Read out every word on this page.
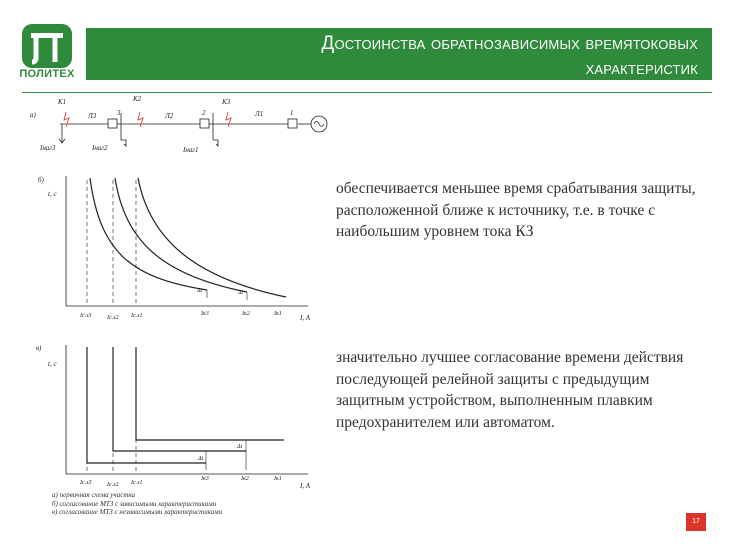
ПОЛИТЕХ
Достоинства обратнозависимых времятоковых
характеристик
а)
K1	K2	K3
Л3	Л2	Л1
3	2	1
Iнаг3	Iнаг2	Iнаг1
б)
t, c
I, A
Δt	Δt
Iс.з3	Iс.з2 Iс.з1	Iк3	Iк2	Iк1
в)
t, c
I, A
Δt
Δt
Iс.з3	Iс.з2 Iс.з1
Iк3	Iк2	Iк1
обеспечивается меньшее время срабатывания защиты, расположенной ближе к источнику, т.е. в точке с наибольшим уровнем тока КЗ
значительно лучшее согласование времени действия последующей релейной защиты с предыдущим защитным устройством, выполненным плавким предохранителем или автоматом.
а) первичная схема участка
б) согласование МТЗ с зависимыми характеристиками
в) согласование МТЗ с независимыми характеристиками
17
